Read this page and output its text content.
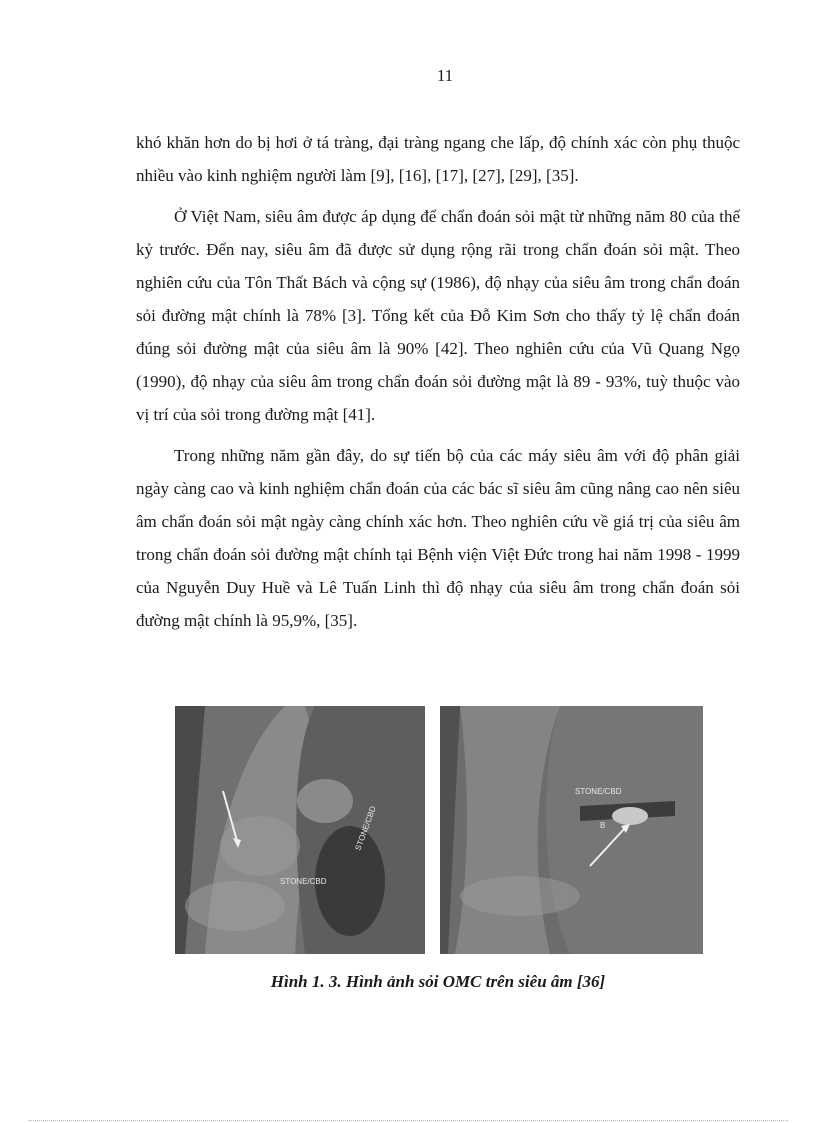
11

khó khăn hơn do bị hơi ở tá tràng, đại tràng ngang che lấp, độ chính xác còn phụ thuộc nhiều vào kinh nghiệm người làm [9], [16], [17], [27], [29], [35].

Ở Việt Nam, siêu âm được áp dụng để chẩn đoán sỏi mật từ những năm 80 của thế kỷ trước. Đến nay, siêu âm đã được sử dụng rộng rãi trong chẩn đoán sỏi mật. Theo nghiên cứu của Tôn Thất Bách và cộng sự (1986), độ nhạy của siêu âm trong chẩn đoán sỏi đường mật chính là 78% [3]. Tổng kết của Đỗ Kim Sơn cho thấy tỷ lệ chẩn đoán đúng sỏi đường mật của siêu âm là 90% [42]. Theo nghiên cứu của Vũ Quang Ngọ (1990), độ nhạy của siêu âm trong chẩn đoán sỏi đường mật là 89 - 93%, tuỳ thuộc vào vị trí của sỏi trong đường mật [41].

Trong những năm gần đây, do sự tiến bộ của các máy siêu âm với độ phân giải ngày càng cao và kinh nghiệm chẩn đoán của các bác sĩ siêu âm cũng nâng cao nên siêu âm chẩn đoán sỏi mật ngày càng chính xác hơn. Theo nghiên cứu về giá trị của siêu âm trong chẩn đoán sỏi đường mật chính tại Bệnh viện Việt Đức trong hai năm 1998 - 1999 của Nguyễn Duy Huề và Lê Tuấn Linh thì độ nhạy của siêu âm trong chẩn đoán sỏi đường mật chính là 95,9%, [35].

STONE/CBD
STONE/CBD
STONE/CBD
B
Hình 1. 3. Hình ảnh sỏi OMC trên siêu âm [36]
